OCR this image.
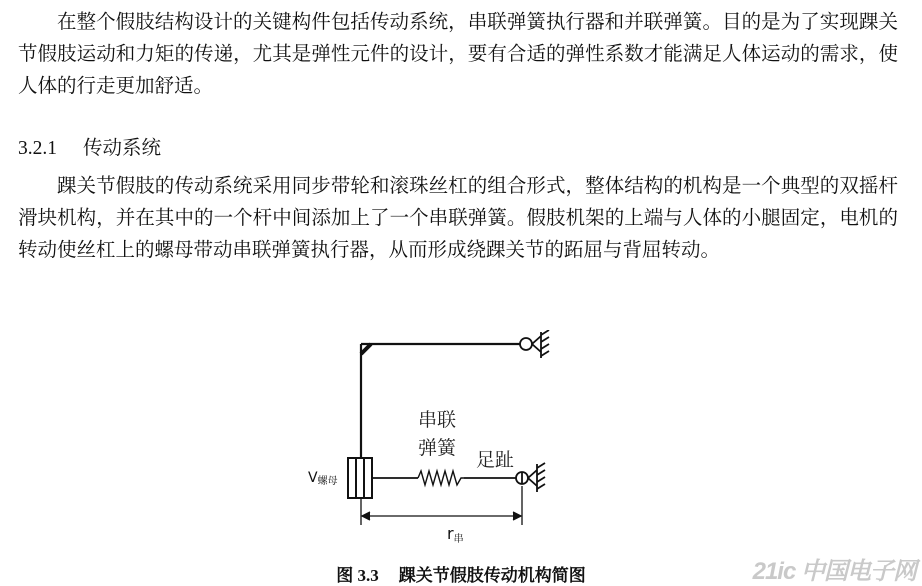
在整个假肢结构设计的关键构件包括传动系统，串联弹簧执行器和并联弹簧。目的是为了实现踝关节假肢运动和力矩的传递，尤其是弹性元件的设计，要有合适的弹性系数才能满足人体运动的需求，使人体的行走更加舒适。

3.2.1 传动系统

踝关节假肢的传动系统采用同步带轮和滚珠丝杠的组合形式，整体结构的机构是一个典型的双摇杆滑块机构，并在其中的一个杆中间添加上了一个串联弹簧。假肢机架的上端与人体的小腿固定，电机的转动使丝杠上的螺母带动串联弹簧执行器，从而形成绕踝关节的跖屈与背屈转动。

V螺母
串联
弹簧
足趾
r串
图 3.3 踝关节假肢传动机构简图	21ic 中国电子网
